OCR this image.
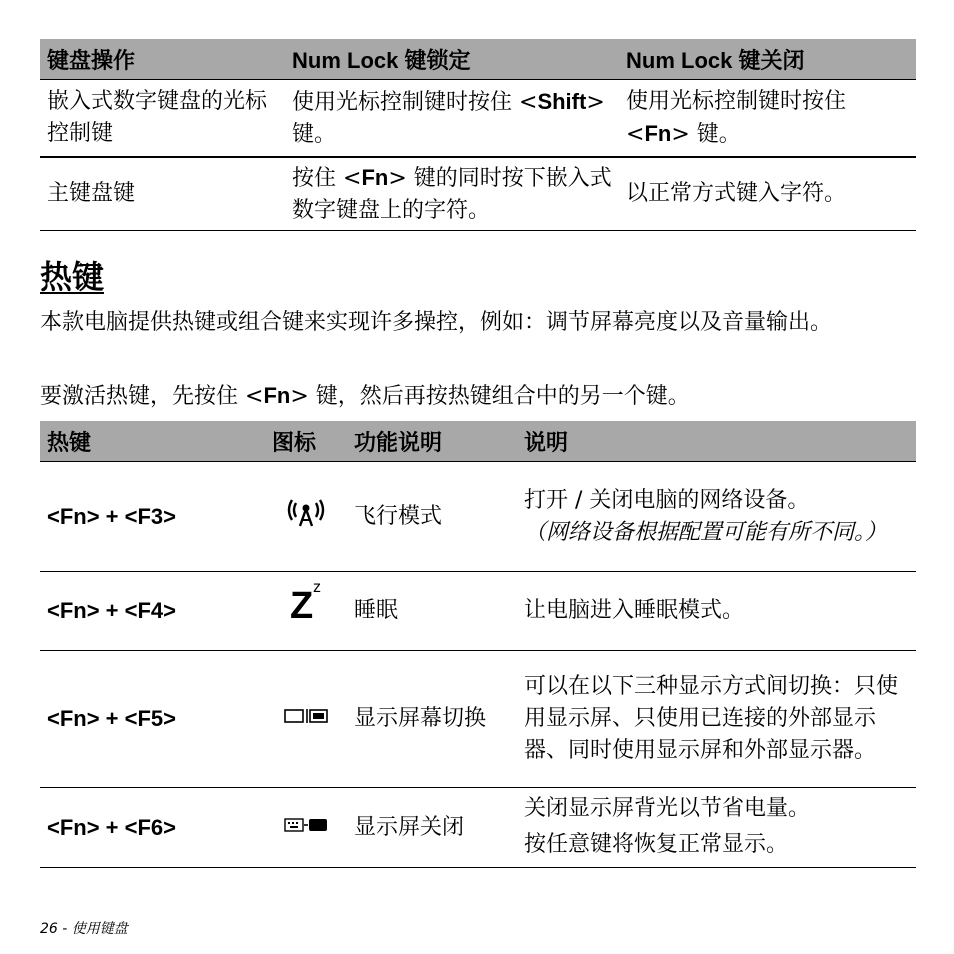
键盘操作	Num Lock 键锁定	Num Lock 键关闭
嵌入式数字键盘的光标控制键	使用光标控制键时按住 <Shift> 键。	使用光标控制键时按住 <Fn> 键。
主键盘键	按住 <Fn> 键的同时按下嵌入式数字键盘上的字符。	以正常方式键入字符。
热键
本款电脑提供热键或组合键来实现许多操控，例如：调节屏幕亮度以及音量输出。
要激活热键，先按住 <Fn> 键，然后再按热键组合中的另一个键。
热键	图标	功能说明	说明
<Fn> + <F3>		飞行模式	打开 / 关闭电脑的网络设备。
（网络设备根据配置可能有所不同。）

<Fn> + <F4>	Z z	睡眠	让电脑进入睡眠模式。
<Fn> + <F5>		显示屏幕切换	可以在以下三种显示方式间切换：只使用显示屏、只使用已连接的外部显示器、同时使用显示屏和外部显示器。
<Fn> + <F6>		显示屏关闭	关闭显示屏背光以节省电量。
按任意键将恢复正常显示。
26 - 使用键盘
